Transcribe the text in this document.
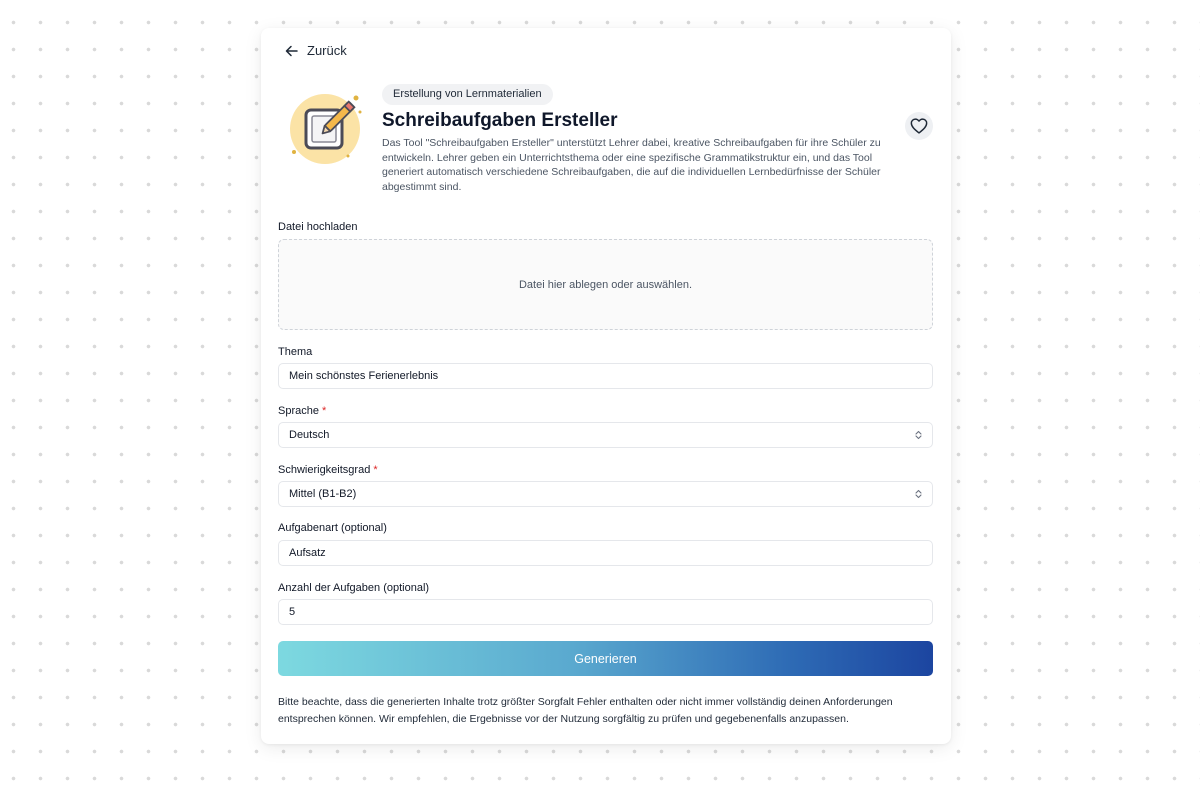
Zurück
Erstellung von Lernmaterialien
Schreibaufgaben Ersteller

Das Tool "Schreibaufgaben Ersteller" unterstützt Lehrer dabei, kreative Schreibaufgaben für ihre Schüler zu entwickeln. Lehrer geben ein Unterrichtsthema oder eine spezifische Grammatikstruktur ein, und das Tool generiert automatisch verschiedene Schreibaufgaben, die auf die individuellen Lernbedürfnisse der Schüler abgestimmt sind.

Datei hochladen
Datei hier ablegen oder auswählen.
Thema
Mein schönstes Ferienerlebnis
Sprache *
Deutsch
Schwierigkeitsgrad *
Mittel (B1-B2)
Aufgabenart (optional)
Aufsatz
Anzahl der Aufgaben (optional)
5
Generieren

Bitte beachte, dass die generierten Inhalte trotz größter Sorgfalt Fehler enthalten oder nicht immer vollständig deinen Anforderungen entsprechen können. Wir empfehlen, die Ergebnisse vor der Nutzung sorgfältig zu prüfen und gegebenenfalls anzupassen.
